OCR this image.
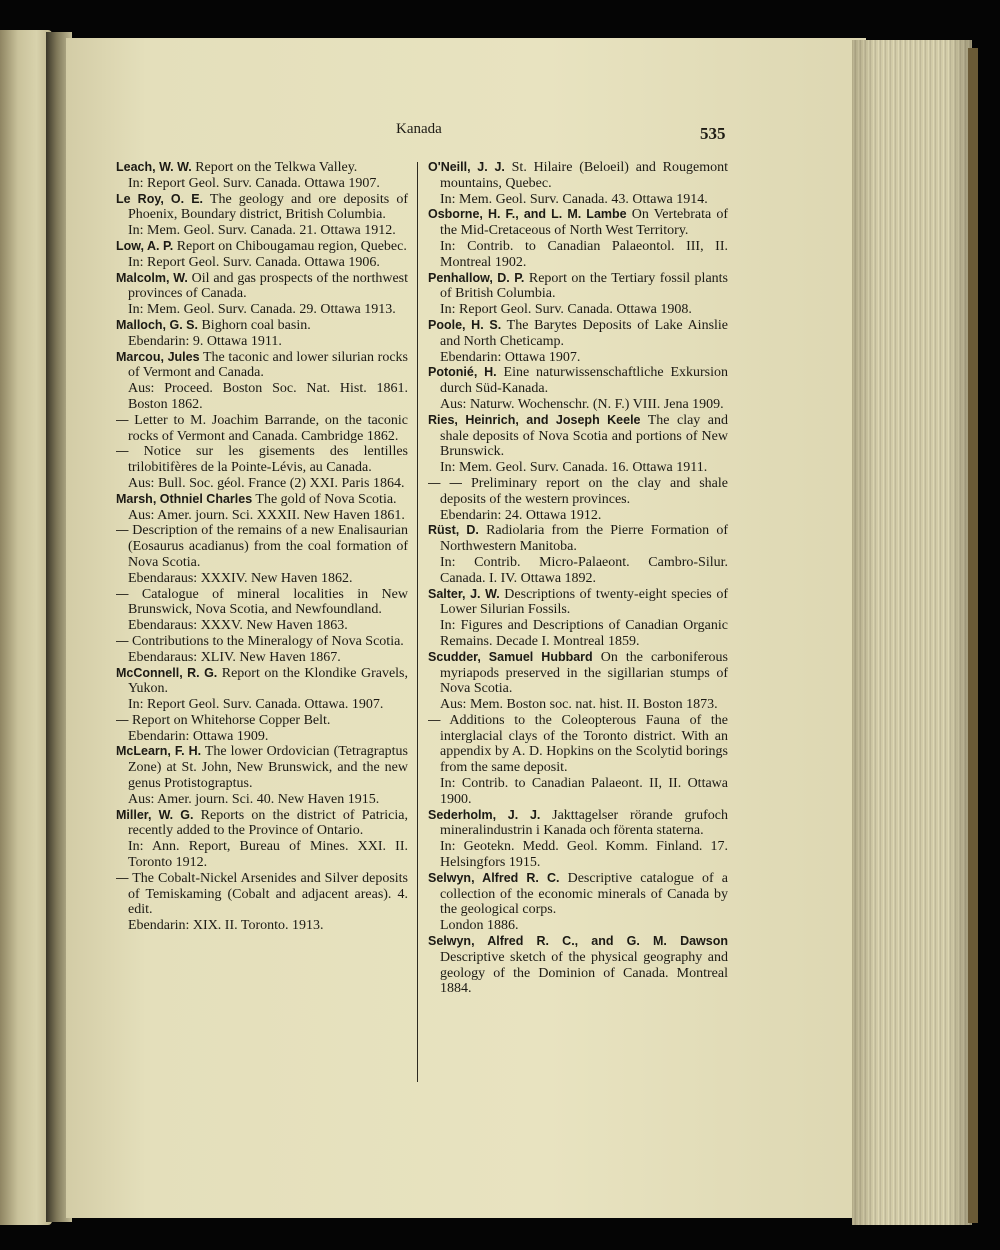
Kanada	535

Leach, W. W. Report on the Telkwa Valley.

In: Report Geol. Surv. Canada. Ottawa 1907.

Le Roy, O. E. The geology and ore deposits of Phoenix, Boundary district, British Columbia.

In: Mem. Geol. Surv. Canada. 21. Ottawa 1912.

Low, A. P. Report on Chibougamau region, Quebec.

In: Report Geol. Surv. Canada. Ottawa 1906.

Malcolm, W. Oil and gas prospects of the northwest provinces of Canada.

In: Mem. Geol. Surv. Canada. 29. Ottawa 1913.

Malloch, G. S. Bighorn coal basin.

Ebendarin: 9. Ottawa 1911.

Marcou, Jules The taconic and lower silurian rocks of Vermont and Canada.

Aus: Proceed. Boston Soc. Nat. Hist. 1861. Boston 1862.

— Letter to M. Joachim Barrande, on the taconic rocks of Vermont and Canada. Cambridge 1862.

— Notice sur les gisements des lentilles trilobitifères de la Pointe-Lévis, au Canada.

Aus: Bull. Soc. géol. France (2) XXI. Paris 1864.

Marsh, Othniel Charles The gold of Nova Scotia.

Aus: Amer. journ. Sci. XXXII. New Haven 1861.

— Description of the remains of a new Enalisaurian (Eosaurus acadianus) from the coal formation of Nova Scotia.

Ebendaraus: XXXIV. New Haven 1862.

— Catalogue of mineral localities in New Brunswick, Nova Scotia, and Newfoundland.

Ebendaraus: XXXV. New Haven 1863.

— Contributions to the Mineralogy of Nova Scotia.

Ebendaraus: XLIV. New Haven 1867.

McConnell, R. G. Report on the Klondike Gravels, Yukon.

In: Report Geol. Surv. Canada. Ottawa. 1907.

— Report on Whitehorse Copper Belt.

Ebendarin: Ottawa 1909.

McLearn, F. H. The lower Ordovician (Tetragraptus Zone) at St. John, New Brunswick, and the new genus Protistograptus.

Aus: Amer. journ. Sci. 40. New Haven 1915.

Miller, W. G. Reports on the district of Patricia, recently added to the Province of Ontario.

In: Ann. Report, Bureau of Mines. XXI. II. Toronto 1912.

— The Cobalt-Nickel Arsenides and Silver deposits of Temiskaming (Cobalt and adjacent areas). 4. edit.

Ebendarin: XIX. II. Toronto. 1913.

O'Neill, J. J. St. Hilaire (Beloeil) and Rougemont mountains, Quebec.

In: Mem. Geol. Surv. Canada. 43. Ottawa 1914.

Osborne, H. F., and L. M. Lambe On Vertebrata of the Mid-Cretaceous of North West Territory.

In: Contrib. to Canadian Palaeontol. III, II. Montreal 1902.

Penhallow, D. P. Report on the Tertiary fossil plants of British Columbia.

In: Report Geol. Surv. Canada. Ottawa 1908.

Poole, H. S. The Barytes Deposits of Lake Ainslie and North Cheticamp.

Ebendarin: Ottawa 1907.

Potonié, H. Eine naturwissenschaftliche Exkursion durch Süd-Kanada.

Aus: Naturw. Wochenschr. (N. F.) VIII. Jena 1909.

Ries, Heinrich, and Joseph Keele The clay and shale deposits of Nova Scotia and portions of New Brunswick.

In: Mem. Geol. Surv. Canada. 16. Ottawa 1911.

— — Preliminary report on the clay and shale deposits of the western provinces.

Ebendarin: 24. Ottawa 1912.

Rüst, D. Radiolaria from the Pierre Formation of Northwestern Manitoba.

In: Contrib. Micro-Palaeont. Cambro-Silur. Canada. I. IV. Ottawa 1892.

Salter, J. W. Descriptions of twenty-eight species of Lower Silurian Fossils.

In: Figures and Descriptions of Canadian Organic Remains. Decade I. Montreal 1859.

Scudder, Samuel Hubbard On the carboniferous myriapods preserved in the sigillarian stumps of Nova Scotia.

Aus: Mem. Boston soc. nat. hist. II. Boston 1873.

— Additions to the Coleopterous Fauna of the interglacial clays of the Toronto district. With an appendix by A. D. Hopkins on the Scolytid borings from the same deposit.

In: Contrib. to Canadian Palaeont. II, II. Ottawa 1900.

Sederholm, J. J. Jakttagelser rörande grufoch mineralindustrin i Kanada och förenta staterna.

In: Geotekn. Medd. Geol. Komm. Finland. 17. Helsingfors 1915.

Selwyn, Alfred R. C. Descriptive catalogue of a collection of the economic minerals of Canada by the geological corps.

London 1886.

Selwyn, Alfred R. C., and G. M. Dawson Descriptive sketch of the physical geography and geology of the Dominion of Canada. Montreal 1884.
